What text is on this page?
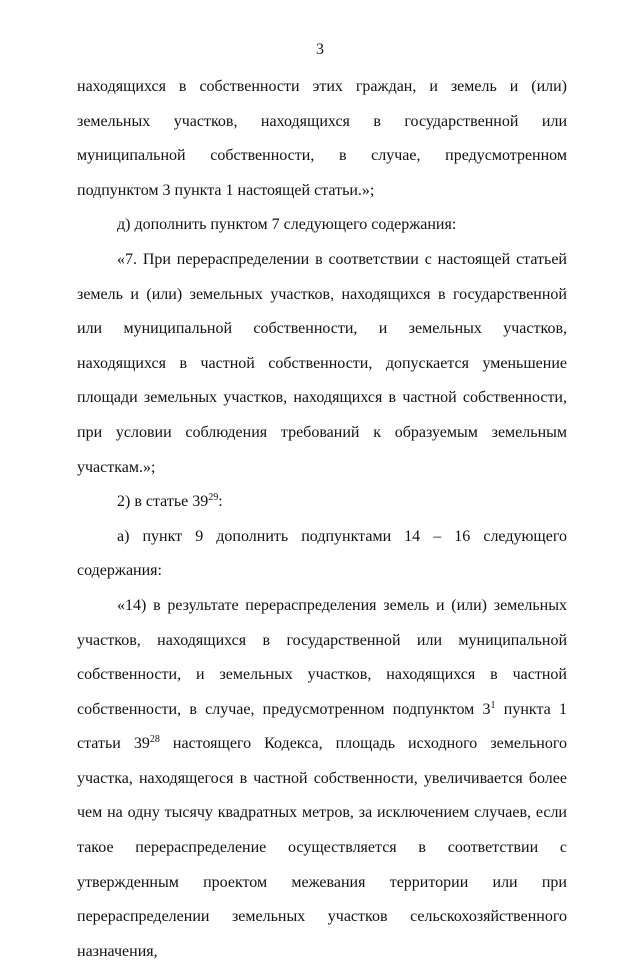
3

находящихся в собственности этих граждан, и земель и (или) земельных участков, находящихся в государственной или муниципальной собственности, в случае, предусмотренном подпунктом 3 пункта 1 настоящей статьи.»;

д) дополнить пунктом 7 следующего содержания:

«7. При перераспределении в соответствии с настоящей статьей земель и (или) земельных участков, находящихся в государственной или муниципальной собственности, и земельных участков, находящихся в частной собственности, допускается уменьшение площади земельных участков, находящихся в частной собственности, при условии соблюдения требований к образуемым земельным участкам.»;

2) в статье $39^{29}$:

а) пункт 9 дополнить подпунктами 14 – 16 следующего содержания:

«14) в результате перераспределения земель и (или) земельных участков, находящихся в государственной или муниципальной собственности, и земельных участков, находящихся в частной собственности, в случае, предусмотренном подпунктом $3^1$ пункта 1 статьи $39^{28}$ настоящего Кодекса, площадь исходного земельного участка, находящегося в частной собственности, увеличивается более чем на одну тысячу квадратных метров, за исключением случаев, если такое перераспределение осуществляется в соответствии с утвержденным проектом межевания территории или при перераспределении земельных участков сельскохозяйственного назначения,
